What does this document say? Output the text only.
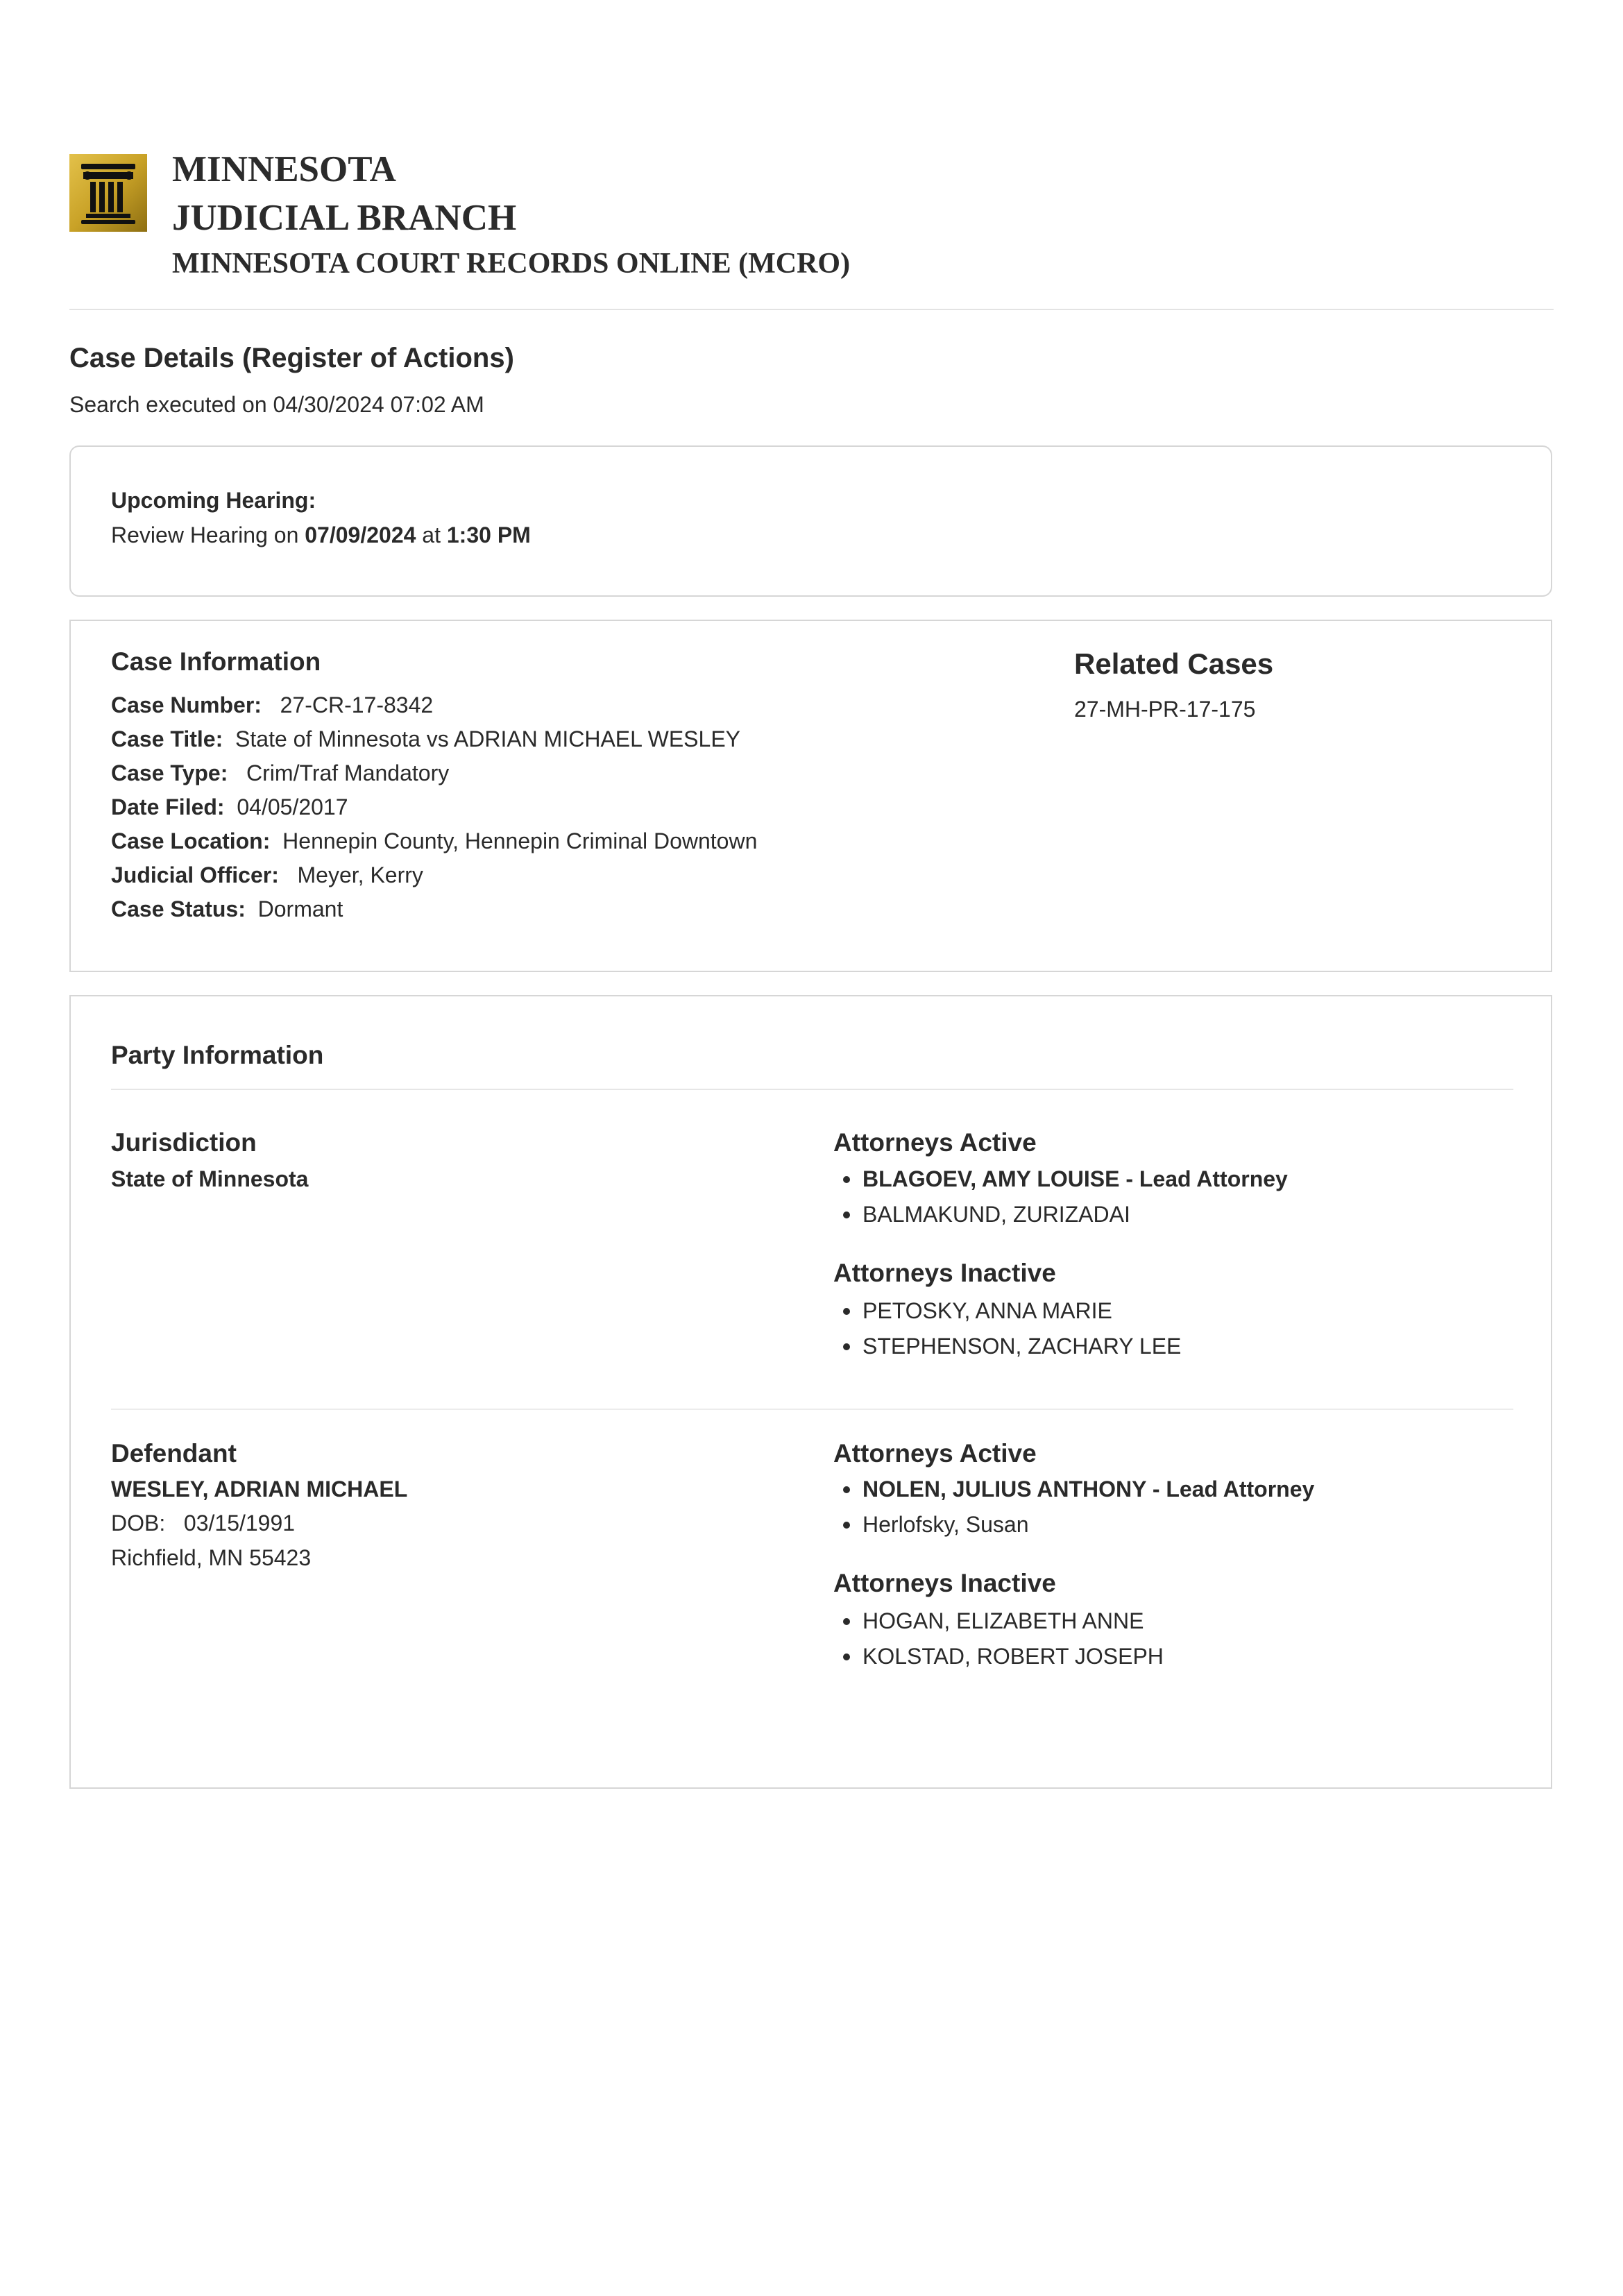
MINNESOTA
JUDICIAL BRANCH
MINNESOTA COURT RECORDS ONLINE (MCRO)
Case Details (Register of Actions)
Search executed on 04/30/2024 07:02 AM
Upcoming Hearing:
Review Hearing on 07/09/2024 at 1:30 PM
Case Information
Case Number: 27-CR-17-8342
Case Title: State of Minnesota vs ADRIAN MICHAEL WESLEY
Case Type: Crim/Traf Mandatory
Date Filed: 04/05/2017
Case Location: Hennepin County, Hennepin Criminal Downtown
Judicial Officer: Meyer, Kerry
Case Status: Dormant
Related Cases
27-MH-PR-17-175
Party Information
Jurisdiction
State of Minnesota
Attorneys Active
BLAGOEV, AMY LOUISE - Lead Attorney
BALMAKUND, ZURIZADAI
Attorneys Inactive
PETOSKY, ANNA MARIE
STEPHENSON, ZACHARY LEE
Defendant
WESLEY, ADRIAN MICHAEL
DOB: 03/15/1991
Richfield, MN 55423
Attorneys Active
NOLEN, JULIUS ANTHONY - Lead Attorney
Herlofsky, Susan
Attorneys Inactive
HOGAN, ELIZABETH ANNE
KOLSTAD, ROBERT JOSEPH
